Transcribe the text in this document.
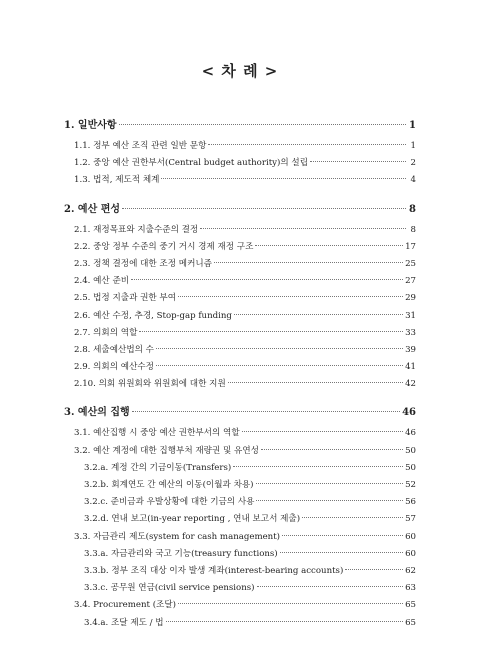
< 차 례 >
1. 일반사항	1
1.1. 정부 예산 조직 관련 일반 문항	1
1.2. 중앙 예산 권한부서(Central budget authority)의 설립	2
1.3. 법적, 제도적 체계	4
2. 예산 편성	8
2.1. 재정목표와 지출수준의 결정	8
2.2. 중앙 정부 수준의 중기 거시 경제 재정 구조	17
2.3. 정책 결정에 대한 조정 메커니즘	25
2.4. 예산 준비	27
2.5. 법정 지출과 권한 부여	29
2.6. 예산 수정, 추경, Stop-gap funding	31
2.7. 의회의 역할	33
2.8. 세출예산법의 수	39
2.9. 의회의 예산수정	41
2.10. 의회 위원회와 위원회에 대한 지원	42
3. 예산의 집행	46
3.1. 예산집행 시 중앙 예산 권한부서의 역할	46
3.2. 예산 계정에 대한 집행부처 재량권 및 유연성	50
3.2.a. 계정 간의 기금이동(Transfers)	50
3.2.b. 회계연도 간 예산의 이동(이월과 차용)	52
3.2.c. 준비금과 우발상황에 대한 기금의 사용	56
3.2.d. 연내 보고(in-year reporting , 연내 보고서 제출)	57
3.3. 자금관리 제도(system for cash management)	60
3.3.a. 자금관리와 국고 기능(treasury functions)	60
3.3.b. 정부 조직 대상 이자 발생 계좌(interest-bearing accounts)	62
3.3.c. 공무원 연금(civil service pensions)	63
3.4. Procurement (조달)	65
3.4.a. 조달 제도 / 법	65
